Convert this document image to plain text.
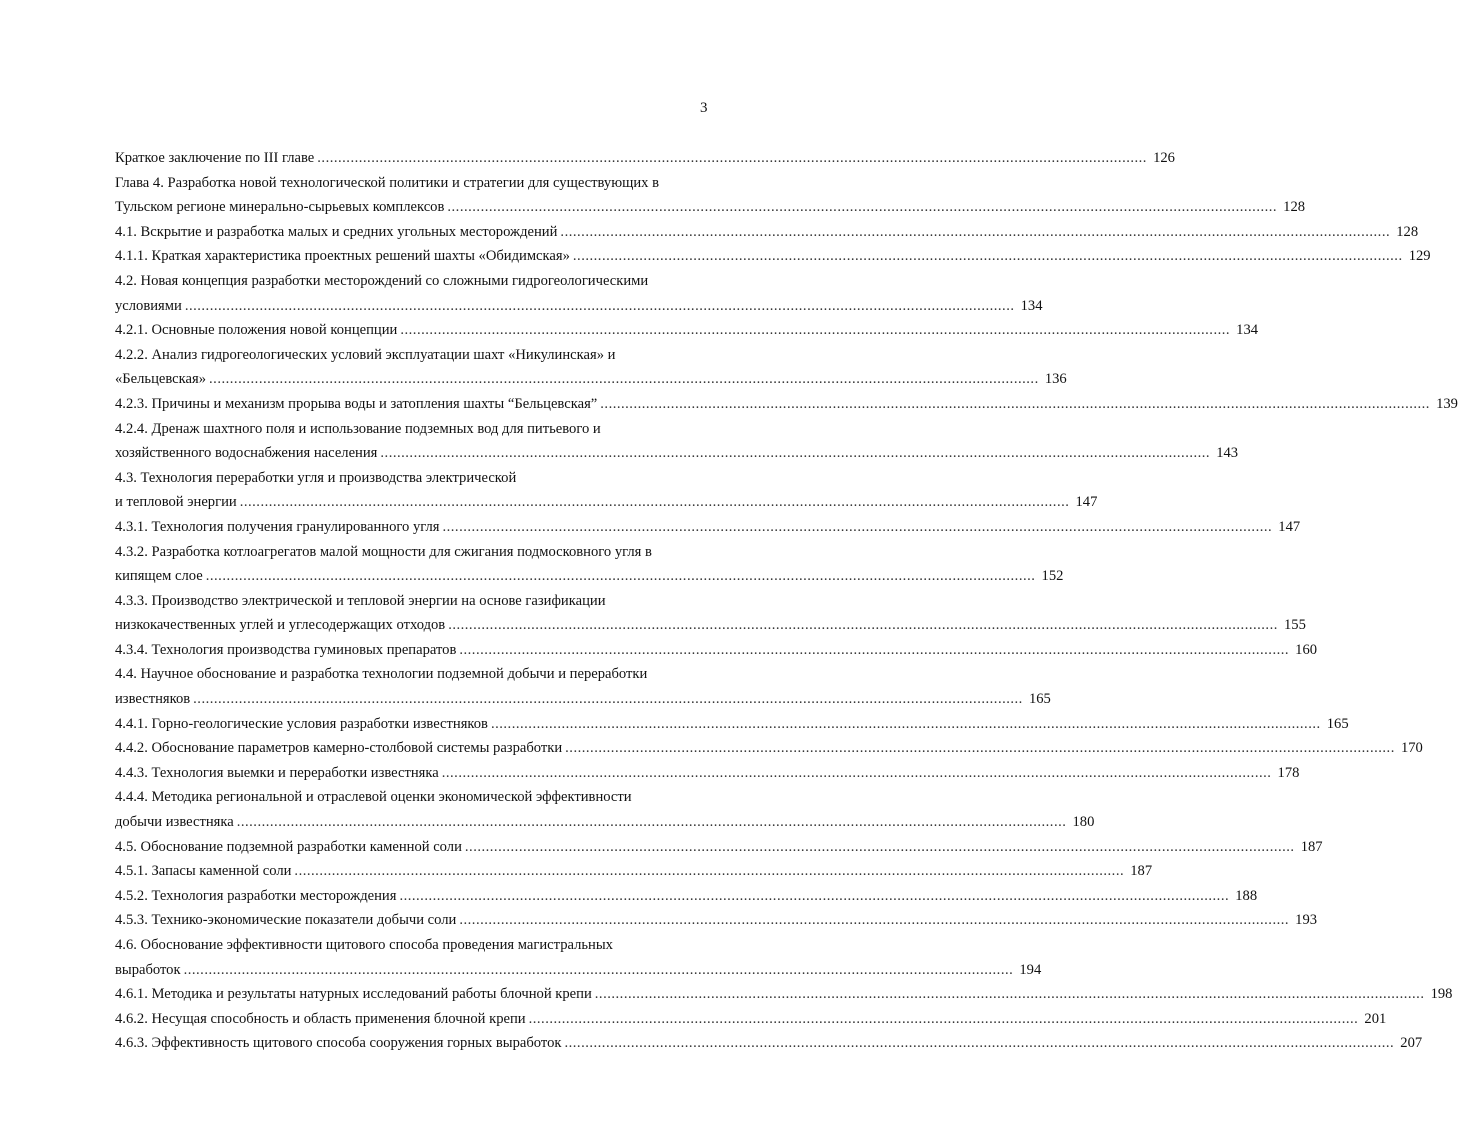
3
Краткое заключение по III главе ........................................................................................................................................................................................................ 126
Глава 4. Разработка новой технологической политики и стратегии для существующих в
Тульском регионе минерально-сырьевых комплексов ........................................................................................................................................................................................................ 128
4.1. Вскрытие и разработка малых и средних угольных месторождений ........................................................................................................................................................................................................ 128
4.1.1. Краткая характеристика проектных решений шахты «Обидимская» ........................................................................................................................................................................................................ 129
4.2. Новая концепция разработки месторождений со сложными гидрогеологическими
условиями ........................................................................................................................................................................................................ 134
4.2.1. Основные положения новой концепции ........................................................................................................................................................................................................ 134
4.2.2. Анализ гидрогеологических условий эксплуатации шахт «Никулинская» и
«Бельцевская» ........................................................................................................................................................................................................ 136
4.2.3. Причины и механизм прорыва воды и затопления шахты “Бельцевская” ........................................................................................................................................................................................................ 139
4.2.4. Дренаж шахтного поля и использование подземных вод для питьевого и
хозяйственного водоснабжения населения ........................................................................................................................................................................................................ 143
4.3. Технология переработки угля и производства электрической
и тепловой энергии ........................................................................................................................................................................................................ 147
4.3.1. Технология получения гранулированного угля ........................................................................................................................................................................................................ 147
4.3.2. Разработка котлоагрегатов малой мощности для сжигания подмосковного угля в
кипящем слое ........................................................................................................................................................................................................ 152
4.3.3. Производство электрической и тепловой энергии на основе газификации
низкокачественных углей и углесодержащих отходов ........................................................................................................................................................................................................ 155
4.3.4. Технология производства гуминовых препаратов ........................................................................................................................................................................................................ 160
4.4. Научное обоснование и разработка технологии подземной добычи и переработки
известняков ........................................................................................................................................................................................................ 165
4.4.1. Горно-геологические условия разработки известняков ........................................................................................................................................................................................................ 165
4.4.2. Обоснование параметров камерно-столбовой системы разработки ........................................................................................................................................................................................................ 170
4.4.3. Технология выемки и переработки известняка ........................................................................................................................................................................................................ 178
4.4.4. Методика региональной и отраслевой оценки экономической эффективности
добычи известняка ........................................................................................................................................................................................................ 180
4.5. Обоснование подземной разработки каменной соли ........................................................................................................................................................................................................ 187
4.5.1. Запасы каменной соли ........................................................................................................................................................................................................ 187
4.5.2. Технология разработки месторождения ........................................................................................................................................................................................................ 188
4.5.3. Технико-экономические показатели добычи соли ........................................................................................................................................................................................................ 193
4.6. Обоснование эффективности щитового способа проведения магистральных
выработок ........................................................................................................................................................................................................ 194
4.6.1. Методика и результаты натурных исследований работы блочной крепи ........................................................................................................................................................................................................ 198
4.6.2. Несущая способность и область применения блочной крепи ........................................................................................................................................................................................................ 201
4.6.3. Эффективность щитового способа сооружения горных выработок ........................................................................................................................................................................................................ 207
